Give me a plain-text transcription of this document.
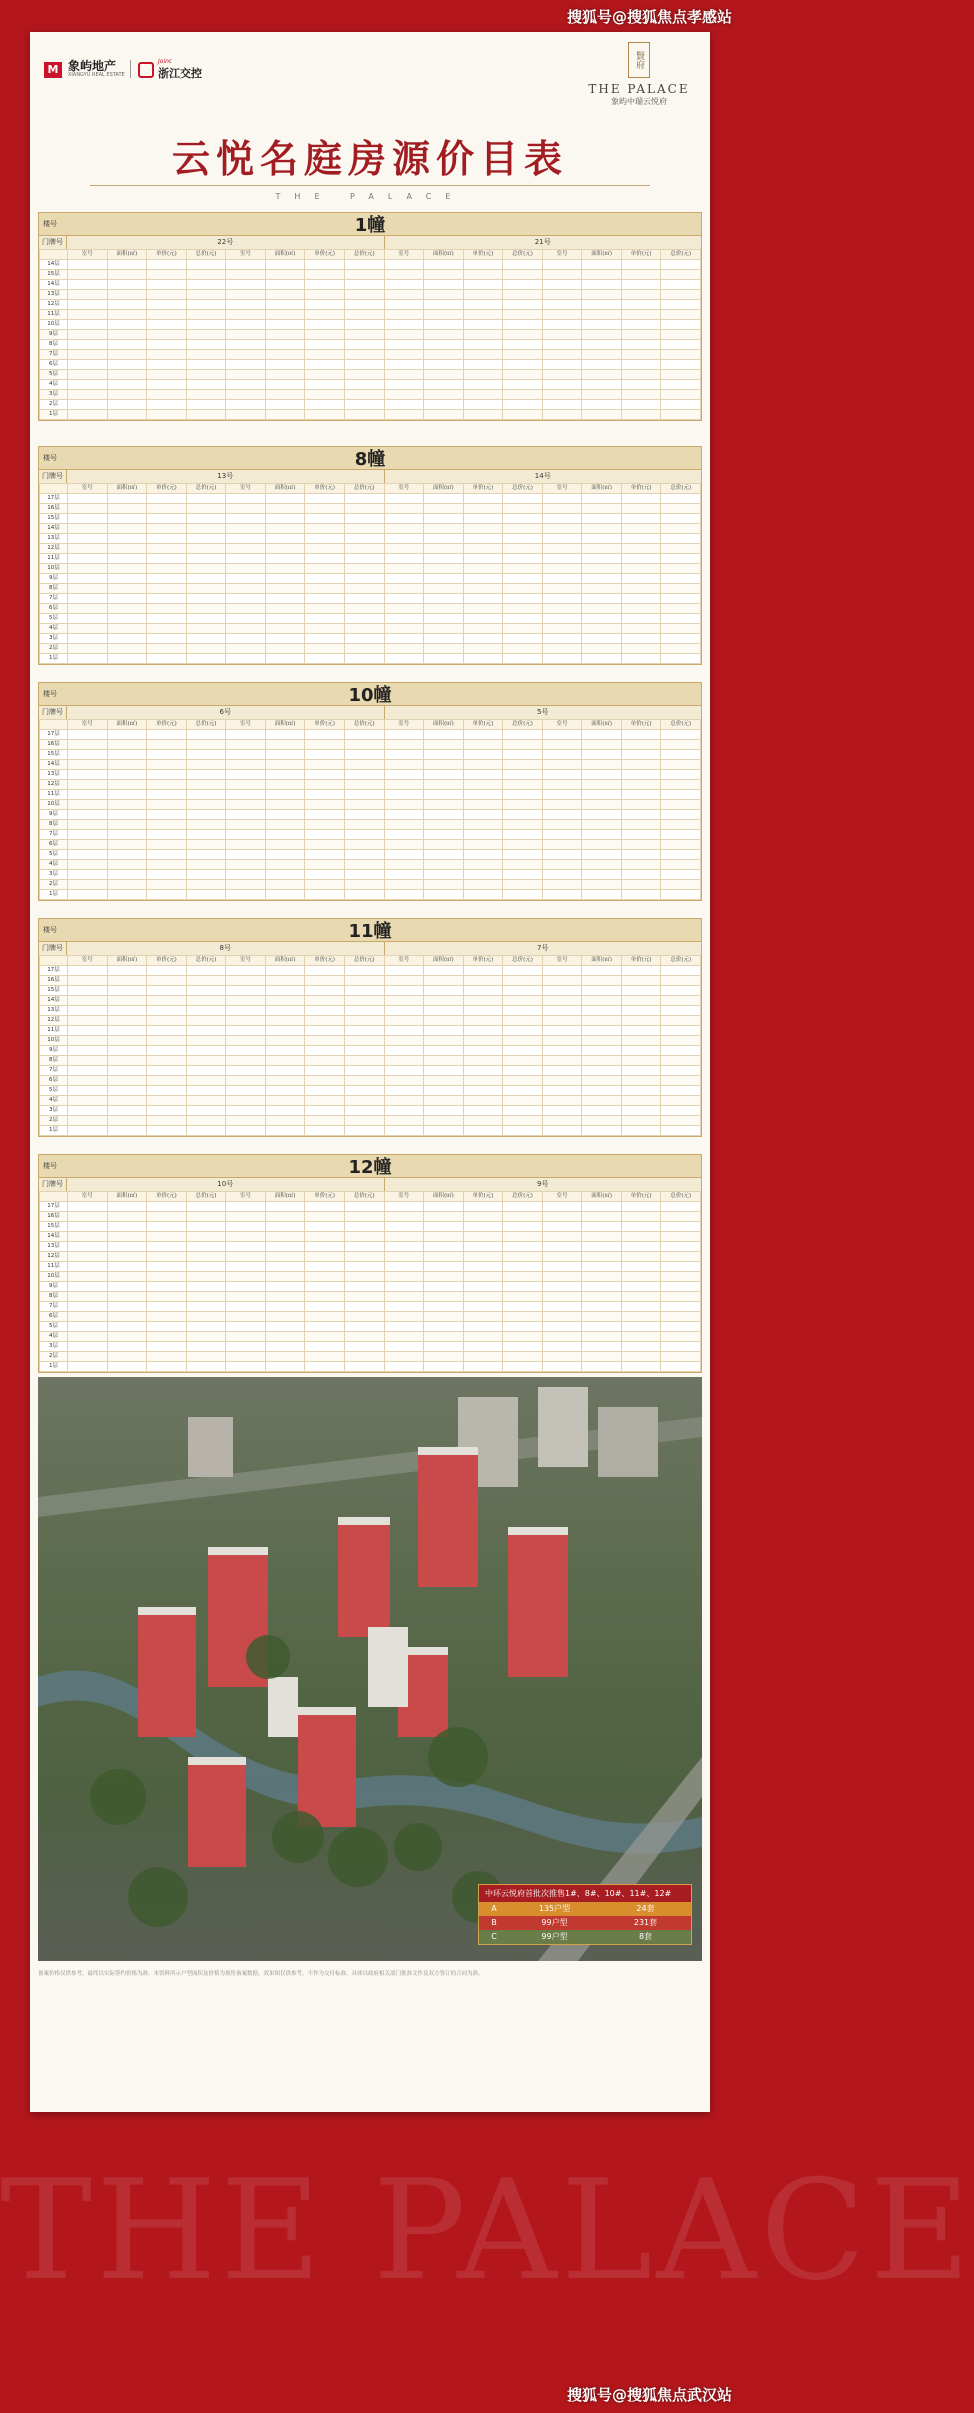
THE PALACE
搜狐号@搜狐焦点孝感站
搜狐号@搜狐焦点武汉站
M 象屿地产
XIANGYU REAL ESTATE
Joinc
浙江交控
賢府
THE PALACE
象屿中瑞云悦府
云悦名庭房源价目表
THE PALACE
楼号	1幢
门牌号	22号	21号
	室号	面积(㎡)	单价(元)	总价(元)	室号	面积(㎡)	单价(元)	总价(元)	室号	面积(㎡)	单价(元)	总价(元)	室号	面积(㎡)	单价(元)	总价(元)
14层																
15层																
14层																
13层																
12层																
11层																
10层																
9层																
8层																
7层																
6层																
5层																
4层																
3层																
2层																
1层																
楼号	8幢
门牌号	13号	14号
	室号	面积(㎡)	单价(元)	总价(元)	室号	面积(㎡)	单价(元)	总价(元)	室号	面积(㎡)	单价(元)	总价(元)	室号	面积(㎡)	单价(元)	总价(元)
17层																
16层																
15层																
14层																
13层																
12层																
11层																
10层																
9层																
8层																
7层																
6层																
5层																
4层																
3层																
2层																
1层																
楼号	10幢
门牌号	6号	5号
	室号	面积(㎡)	单价(元)	总价(元)	室号	面积(㎡)	单价(元)	总价(元)	室号	面积(㎡)	单价(元)	总价(元)	室号	面积(㎡)	单价(元)	总价(元)
17层																
16层																
15层																
14层																
13层																
12层																
11层																
10层																
9层																
8层																
7层																
6层																
5层																
4层																
3层																
2层																
1层																
楼号	11幢
门牌号	8号	7号
	室号	面积(㎡)	单价(元)	总价(元)	室号	面积(㎡)	单价(元)	总价(元)	室号	面积(㎡)	单价(元)	总价(元)	室号	面积(㎡)	单价(元)	总价(元)
17层																
16层																
15层																
14层																
13层																
12层																
11层																
10层																
9层																
8层																
7层																
6层																
5层																
4层																
3层																
2层																
1层																
楼号	12幢
门牌号	10号	9号
	室号	面积(㎡)	单价(元)	总价(元)	室号	面积(㎡)	单价(元)	总价(元)	室号	面积(㎡)	单价(元)	总价(元)	室号	面积(㎡)	单价(元)	总价(元)
17层																
16层																
15层																
14层																
13层																
12层																
11层																
10层																
9层																
8层																
7层																
6层																
5层																
4层																
3层																
2层																
1层																
中环云悦府首批次推售1#、8#、10#、11#、12#
A	135户型	24套
B	99户型	231套
C	99户型	8套
备案价格仅供参考，最终以实际签约价格为准。本资料所示户型面积及价格为预售备案数据，效果图仅供参考，不作为交付标准，具体以政府相关部门批准文件及双方签订的合同为准。
